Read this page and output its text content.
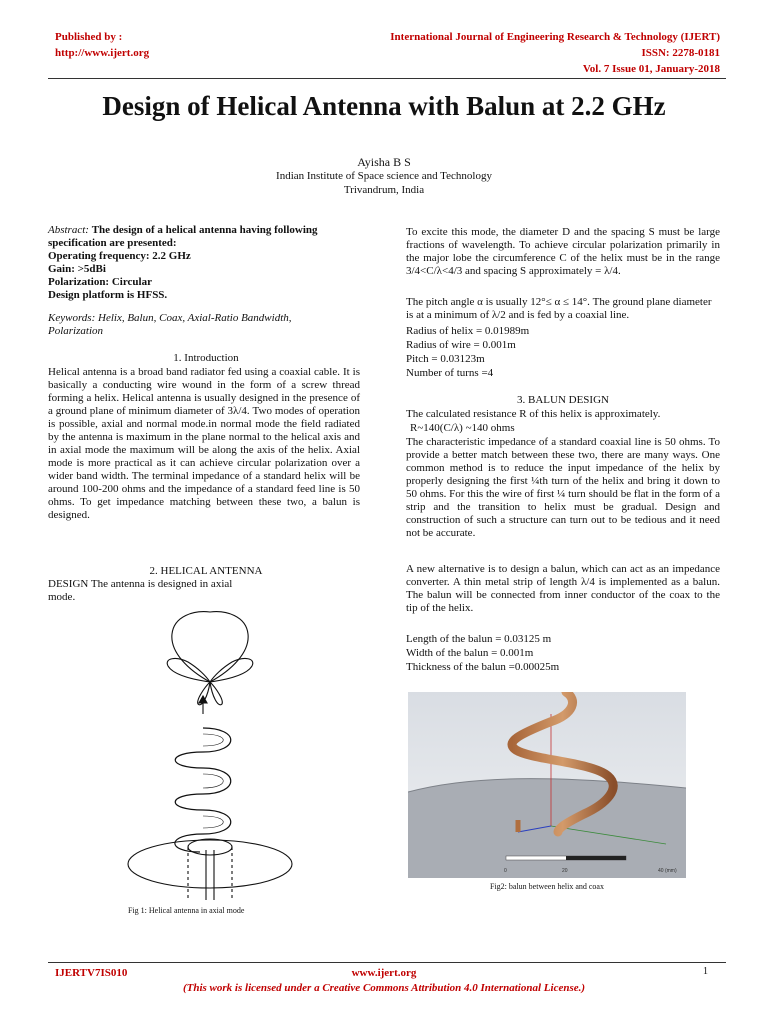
Published by :
http://www.ijert.org
International Journal of Engineering Research & Technology (IJERT)
ISSN: 2278-0181
Vol. 7 Issue 01, January-2018
Design of Helical Antenna with Balun at 2.2 GHz
Ayisha B S
Indian Institute of Space science and Technology
Trivandrum, India
Abstract: The design of a helical antenna having following specification are presented:
Operating frequency: 2.2 GHz
Gain: >5dBi
Polarization: Circular
Design platform is HFSS.
Keywords: Helix, Balun, Coax, Axial-Ratio Bandwidth, Polarization
1. Introduction
Helical antenna is a broad band radiator fed using a coaxial cable. It is basically a conducting wire wound in the form of a screw thread forming a helix. Helical antenna is usually designed in the presence of a ground plane of minimum diameter of 3λ/4. Two modes of operation is possible, axial and normal mode.in normal mode the field radiated by the antenna is maximum in the plane normal to the helical axis and in axial mode the maximum will be along the axis of the helix. Axial mode is more practical as it can achieve circular polarization over a wider band width. The terminal impedance of a standard helix will be around 100-200 ohms and the impedance of a standard feed line is 50 ohms. To get impedance matching between these two, a balun is designed.
2. HELICAL ANTENNA
DESIGN The antenna is designed in axial mode.
Fig 1: Helical antenna in axial mode
To excite this mode, the diameter D and the spacing S must be large fractions of wavelength. To achieve circular polarization primarily in the major lobe the circumference C of the helix must be in the range 3/4<C/λ<4/3 and spacing S approximately = λ/4.
The pitch angle α is usually 12°≤ α ≤ 14°. The ground plane diameter is at a minimum of λ/2 and is fed by a coaxial line.
Radius of helix = 0.01989m
Radius of wire = 0.001m
Pitch = 0.03123m
Number of turns =4
3. BALUN DESIGN
The calculated resistance R of this helix is approximately.
R~140(C/λ) ~140 ohms
The characteristic impedance of a standard coaxial line is 50 ohms. To provide a better match between these two, there are many ways. One common method is to reduce the input impedance of the helix by properly designing the first ¼th turn of the helix and bring it down to 50 ohms. For this the wire of first ¼ turn should be flat in the form of a strip and the transition to helix must be gradual. Design and construction of such a structure can turn out to be tedious and it need not be accurate.
A new alternative is to design a balun, which can act as an impedance converter. A thin metal strip of length λ/4 is implemented as a balun. The balun will be connected from inner conductor of the coax to the tip of the helix.
Length of the balun = 0.03125 m
Width of the balun = 0.001m
Thickness of the balun =0.00025m
0	20	40 (mm)
Fig2: balun between helix and coax
IJERTV7IS010	www.ijert.org	1
(This work is licensed under a Creative Commons Attribution 4.0 International License.)
